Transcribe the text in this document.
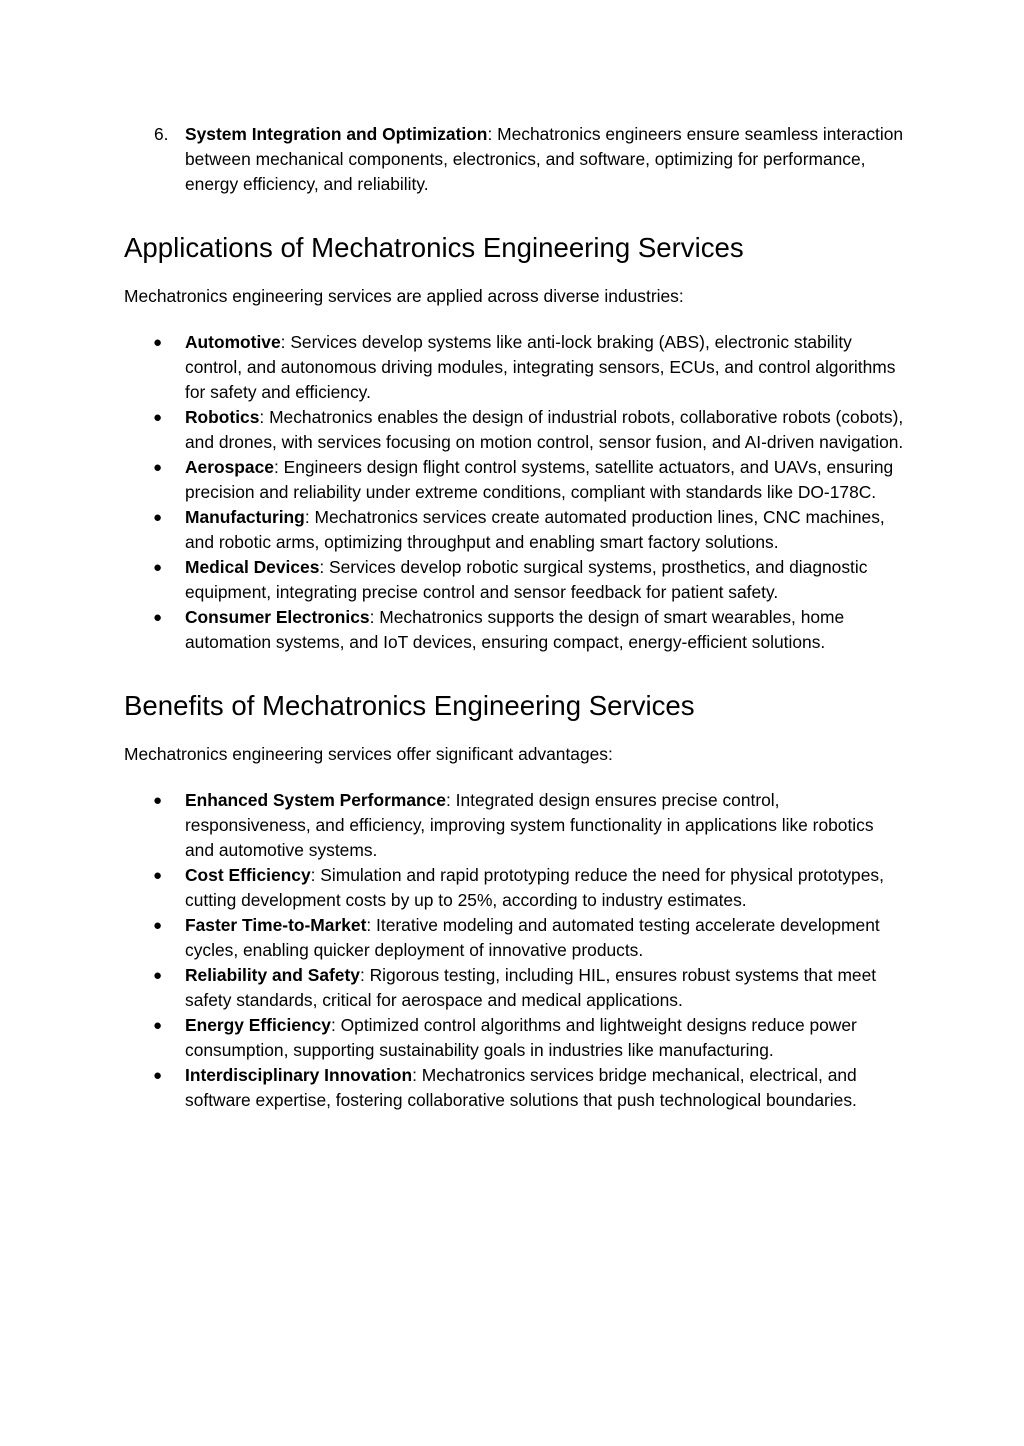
6. System Integration and Optimization: Mechatronics engineers ensure seamless interaction between mechanical components, electronics, and software, optimizing for performance, energy efficiency, and reliability.

Applications of Mechatronics Engineering Services

Mechatronics engineering services are applied across diverse industries:

●	Automotive: Services develop systems like anti-lock braking (ABS), electronic stability control, and autonomous driving modules, integrating sensors, ECUs, and control algorithms for safety and efficiency.

●	Robotics: Mechatronics enables the design of industrial robots, collaborative robots (cobots), and drones, with services focusing on motion control, sensor fusion, and AI-driven navigation.

●	Aerospace: Engineers design flight control systems, satellite actuators, and UAVs, ensuring precision and reliability under extreme conditions, compliant with standards like DO-178C.

●	Manufacturing: Mechatronics services create automated production lines, CNC machines, and robotic arms, optimizing throughput and enabling smart factory solutions.

●	Medical Devices: Services develop robotic surgical systems, prosthetics, and diagnostic equipment, integrating precise control and sensor feedback for patient safety.

●	Consumer Electronics: Mechatronics supports the design of smart wearables, home automation systems, and IoT devices, ensuring compact, energy-efficient solutions.

Benefits of Mechatronics Engineering Services

Mechatronics engineering services offer significant advantages:

●	Enhanced System Performance: Integrated design ensures precise control, responsiveness, and efficiency, improving system functionality in applications like robotics and automotive systems.

●	Cost Efficiency: Simulation and rapid prototyping reduce the need for physical prototypes, cutting development costs by up to 25%, according to industry estimates.

●	Faster Time-to-Market: Iterative modeling and automated testing accelerate development cycles, enabling quicker deployment of innovative products.

●	Reliability and Safety: Rigorous testing, including HIL, ensures robust systems that meet safety standards, critical for aerospace and medical applications.

●	Energy Efficiency: Optimized control algorithms and lightweight designs reduce power consumption, supporting sustainability goals in industries like manufacturing.

●	Interdisciplinary Innovation: Mechatronics services bridge mechanical, electrical, and software expertise, fostering collaborative solutions that push technological boundaries.
